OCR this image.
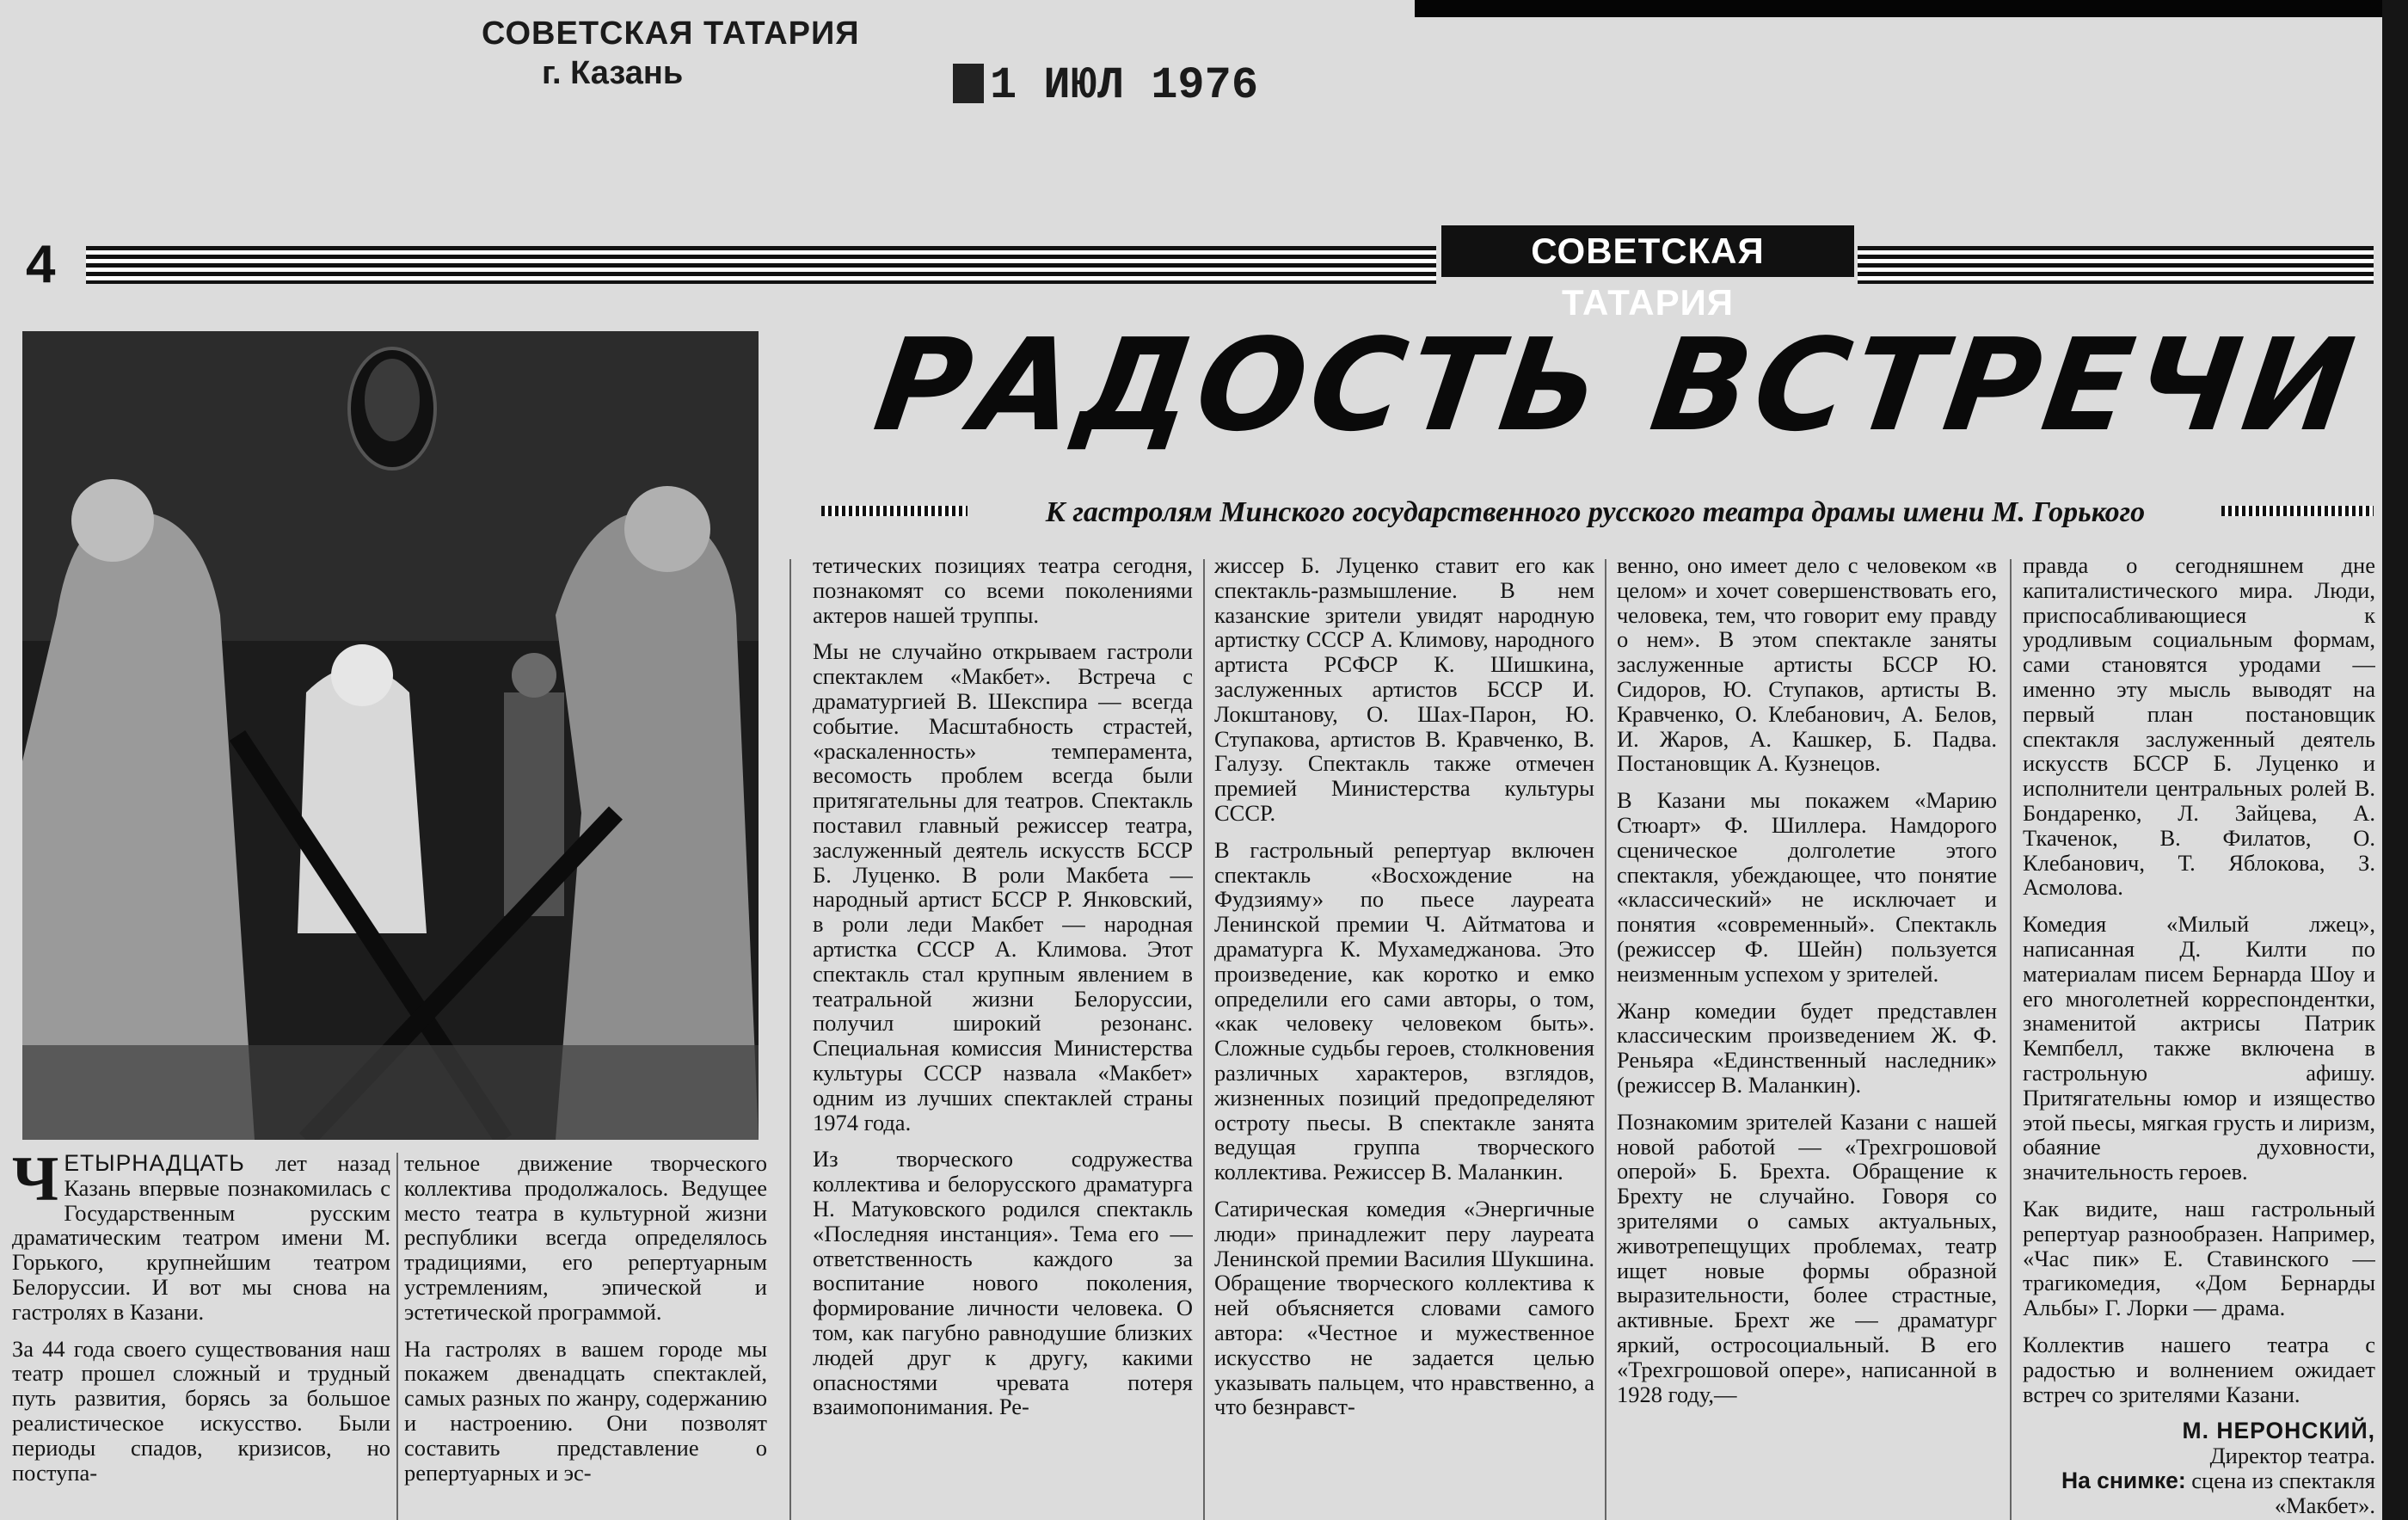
СОВЕТСКАЯ ТАТАРИЯ
г. Казань	1 ИЮЛ 1976
4	СОВЕТСКАЯ ТАТАРИЯ
РАДОСТЬ ВСТРЕЧИ
К гастролям Минского государственного русского театра драмы имени М. Горького

ЧЕТЫРНАДЦАТЬ лет назад Казань впервые познакомилась с Государственным русским драматическим театром имени М. Горького, крупнейшим театром Белоруссии. И вот мы снова на гастролях в Казани.

За 44 года своего существования наш театр прошел сложный и трудный путь развития, борясь за большое реалистическое искусство. Были периоды спадов, кризисов, но поступа-

тельное движение творческого коллектива продолжалось. Ведущее место театра в культурной жизни республики всегда определялось традициями, его репертуарным устремлениям, эпической и эстетической программой.

На гастролях в вашем городе мы покажем двенадцать спектаклей, самых разных по жанру, содержанию и настроению. Они позволят составить представление о репертуарных и эс-

тетических позициях театра сегодня, познакомят со всеми поколениями актеров нашей труппы.

Мы не случайно открываем гастроли спектаклем «Макбет». Встреча с драматургией В. Шекспира — всегда событие. Масштабность страстей, «раскаленность» темперамента, весомость проблем всегда были притягательны для театров. Спектакль поставил главный режиссер театра, заслуженный деятель искусств БССР Б. Луценко. В роли Макбета — народный артист БССР Р. Янковский, в роли леди Макбет — народная артистка СССР А. Климова. Этот спектакль стал крупным явлением в театральной жизни Белоруссии, получил широкий резонанс. Специальная комиссия Министерства культуры СССР назвала «Макбет» одним из лучших спектаклей страны 1974 года.

Из творческого содружества коллектива и белорусского драматурга Н. Матуковского родился спектакль «Последняя инстанция». Тема его — ответственность каждого за воспитание нового поколения, формирование личности человека. О том, как пагубно равнодушие близких людей друг к другу, какими опасностями чревата потеря взаимопонимания. Ре-

жиссер Б. Луценко ставит его как спектакль-размышление. В нем казанские зрители увидят народную артистку СССР А. Климову, народного артиста РСФСР К. Шишкина, заслуженных артистов БССР И. Локштанову, О. Шах-Парон, Ю. Ступакова, артистов В. Кравченко, В. Галузу. Спектакль также отмечен премией Министерства культуры СССР.

В гастрольный репертуар включен спектакль «Восхождение на Фудзияму» по пьесе лауреата Ленинской премии Ч. Айтматова и драматурга К. Мухамеджанова. Это произведение, как коротко и емко определили его сами авторы, о том, «как человеку человеком быть». Сложные судьбы героев, столкновения различных характеров, взглядов, жизненных позиций предопределяют остроту пьесы. В спектакле занята ведущая группа творческого коллектива. Режиссер В. Маланкин.

Сатирическая комедия «Энергичные люди» принадлежит перу лауреата Ленинской премии Василия Шукшина. Обращение творческого коллектива к ней объясняется словами самого автора: «Честное и мужественное искусство не задается целью указывать пальцем, что нравственно, а что безнравст-

венно, оно имеет дело с человеком «в целом» и хочет совершенствовать его, человека, тем, что говорит ему правду о нем». В этом спектакле заняты заслуженные артисты БССР Ю. Сидоров, Ю. Ступаков, артисты В. Кравченко, О. Клебанович, А. Белов, И. Жаров, А. Кашкер, Б. Падва. Постановщик А. Кузнецов.

В Казани мы покажем «Марию Стюарт» Ф. Шиллера. Намдорого сценическое долголетие этого спектакля, убеждающее, что понятие «классический» не исключает и понятия «современный». Спектакль (режиссер Ф. Шейн) пользуется неизменным успехом у зрителей.

Жанр комедии будет представлен классическим произведением Ж. Ф. Реньяра «Единственный наследник» (режиссер В. Маланкин).

Познакомим зрителей Казани с нашей новой работой — «Трехгрошовой оперой» Б. Брехта. Обращение к Брехту не случайно. Говоря со зрителями о самых актуальных, животрепещущих проблемах, театр ищет новые формы образной выразительности, более страстные, активные. Брехт же — драматург яркий, остросоциальный. В его «Трехгрошовой опере», написанной в 1928 году,—

правда о сегодняшнем дне капиталистического мира. Люди, приспосабливающиеся к уродливым социальным формам, сами становятся уродами — именно эту мысль выводят на первый план постановщик спектакля заслуженный деятель искусств БССР Б. Луценко и исполнители центральных ролей В. Бондаренко, Л. Зайцева, А. Ткаченок, В. Филатов, О. Клебанович, Т. Яблокова, З. Асмолова.

Комедия «Милый лжец», написанная Д. Килти по материалам писем Бернарда Шоу и его многолетней корреспондентки, знаменитой актрисы Патрик Кемпбелл, также включена в гастрольную афишу. Притягательны юмор и изящество этой пьесы, мягкая грусть и лиризм, обаяние духовности, значительность героев.

Как видите, наш гастрольный репертуар разнообразен. Например, «Час пик» Е. Ставинского — трагикомедия, «Дом Бернарды Альбы» Г. Лорки — драма.

Коллектив нашего театра с радостью и волнением ожидает встреч со зрителями Казани.

М. НЕРОНСКИЙ,

Директор театра.

На снимке: сцена из спектакля «Макбет».
